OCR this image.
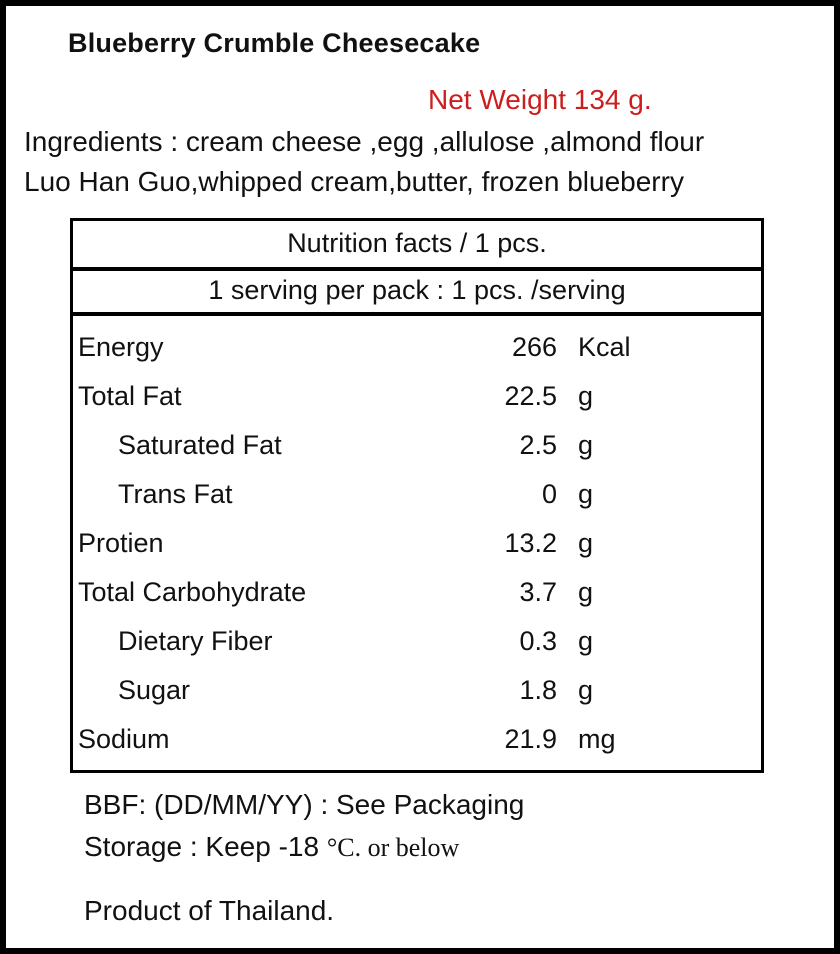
Blueberry Crumble Cheesecake
Net Weight 134 g.
Ingredients : cream cheese ,egg ,allulose ,almond flour
Luo Han Guo,whipped cream,butter, frozen blueberry
Nutrition facts / 1 pcs.
1 serving per pack : 1 pcs. /serving
Energy	266 Kcal
Total Fat	22.5 g
Saturated Fat	2.5 g
Trans Fat	0 g
Protien	13.2 g
Total Carbohydrate	3.7 g
Dietary Fiber	0.3 g
Sugar	1.8 g
Sodium	21.9 mg
BBF: (DD/MM/YY) : See Packaging
Storage : Keep -18 °C. or below
Product of Thailand.
